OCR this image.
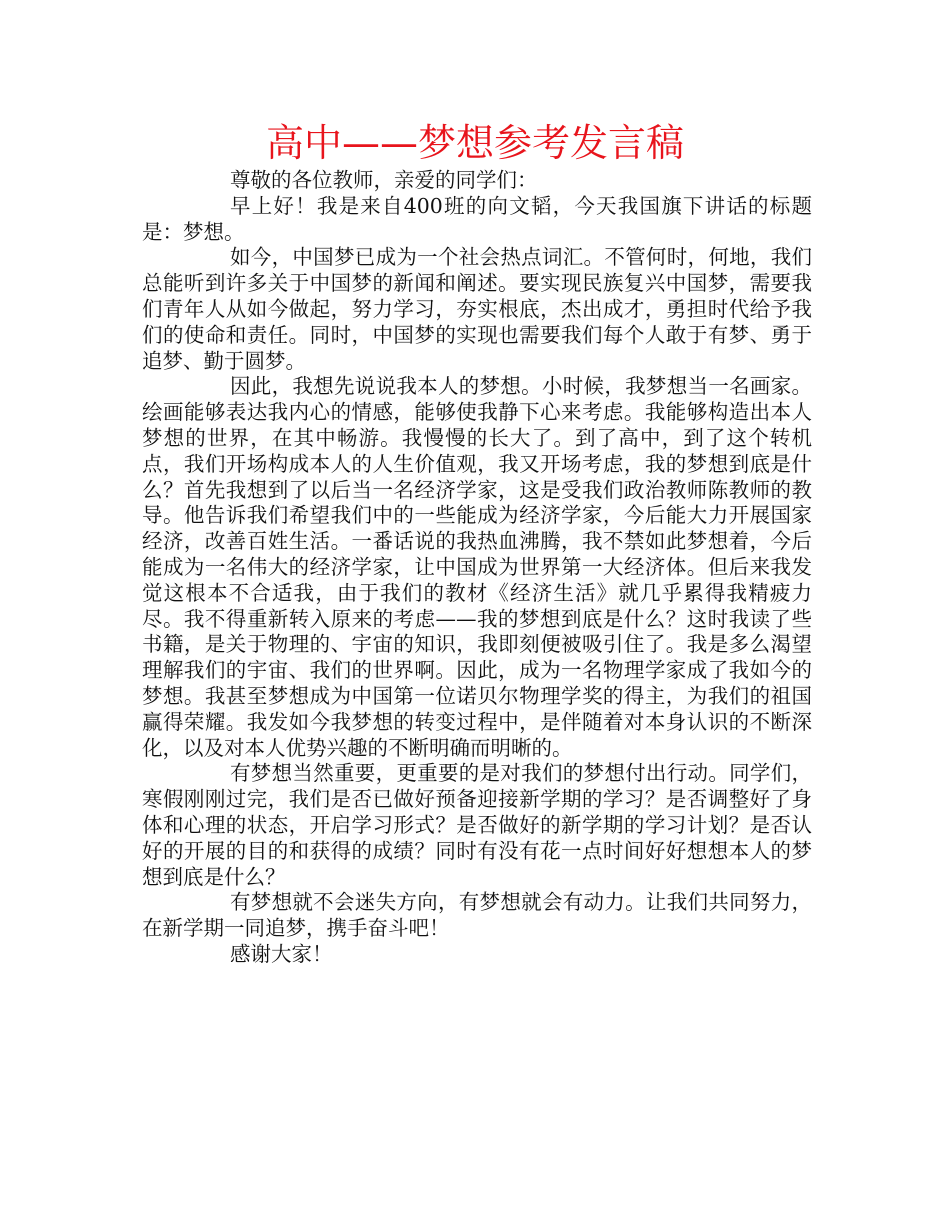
高中——梦想参考发言稿

尊敬的各位教师，亲爱的同学们：

早上好！我是来自400班的向文韬，今天我国旗下讲话的标题是：梦想。

如今，中国梦已成为一个社会热点词汇。不管何时，何地，我们总能听到许多关于中国梦的新闻和阐述。要实现民族复兴中国梦，需要我们青年人从如今做起，努力学习，夯实根底，杰出成才，勇担时代给予我们的使命和责任。同时，中国梦的实现也需要我们每个人敢于有梦、勇于追梦、勤于圆梦。

因此，我想先说说我本人的梦想。小时候，我梦想当一名画家。绘画能够表达我内心的情感，能够使我静下心来考虑。我能够构造出本人梦想的世界，在其中畅游。我慢慢的长大了。到了高中，到了这个转机点，我们开场构成本人的人生价值观，我又开场考虑，我的梦想到底是什么？首先我想到了以后当一名经济学家，这是受我们政治教师陈教师的教导。他告诉我们希望我们中的一些能成为经济学家，今后能大力开展国家经济，改善百姓生活。一番话说的我热血沸腾，我不禁如此梦想着，今后能成为一名伟大的经济学家，让中国成为世界第一大经济体。但后来我发觉这根本不合适我，由于我们的教材《经济生活》就几乎累得我精疲力尽。我不得重新转入原来的考虑——我的梦想到底是什么？这时我读了些书籍，是关于物理的、宇宙的知识，我即刻便被吸引住了。我是多么渴望理解我们的宇宙、我们的世界啊。因此，成为一名物理学家成了我如今的梦想。我甚至梦想成为中国第一位诺贝尔物理学奖的得主，为我们的祖国赢得荣耀。我发如今我梦想的转变过程中，是伴随着对本身认识的不断深化，以及对本人优势兴趣的不断明确而明晰的。

有梦想当然重要，更重要的是对我们的梦想付出行动。同学们，寒假刚刚过完，我们是否已做好预备迎接新学期的学习？是否调整好了身体和心理的状态，开启学习形式？是否做好的新学期的学习计划？是否认好的开展的目的和获得的成绩？同时有没有花一点时间好好想想本人的梦想到底是什么？

有梦想就不会迷失方向，有梦想就会有动力。让我们共同努力，在新学期一同追梦，携手奋斗吧！

感谢大家！
